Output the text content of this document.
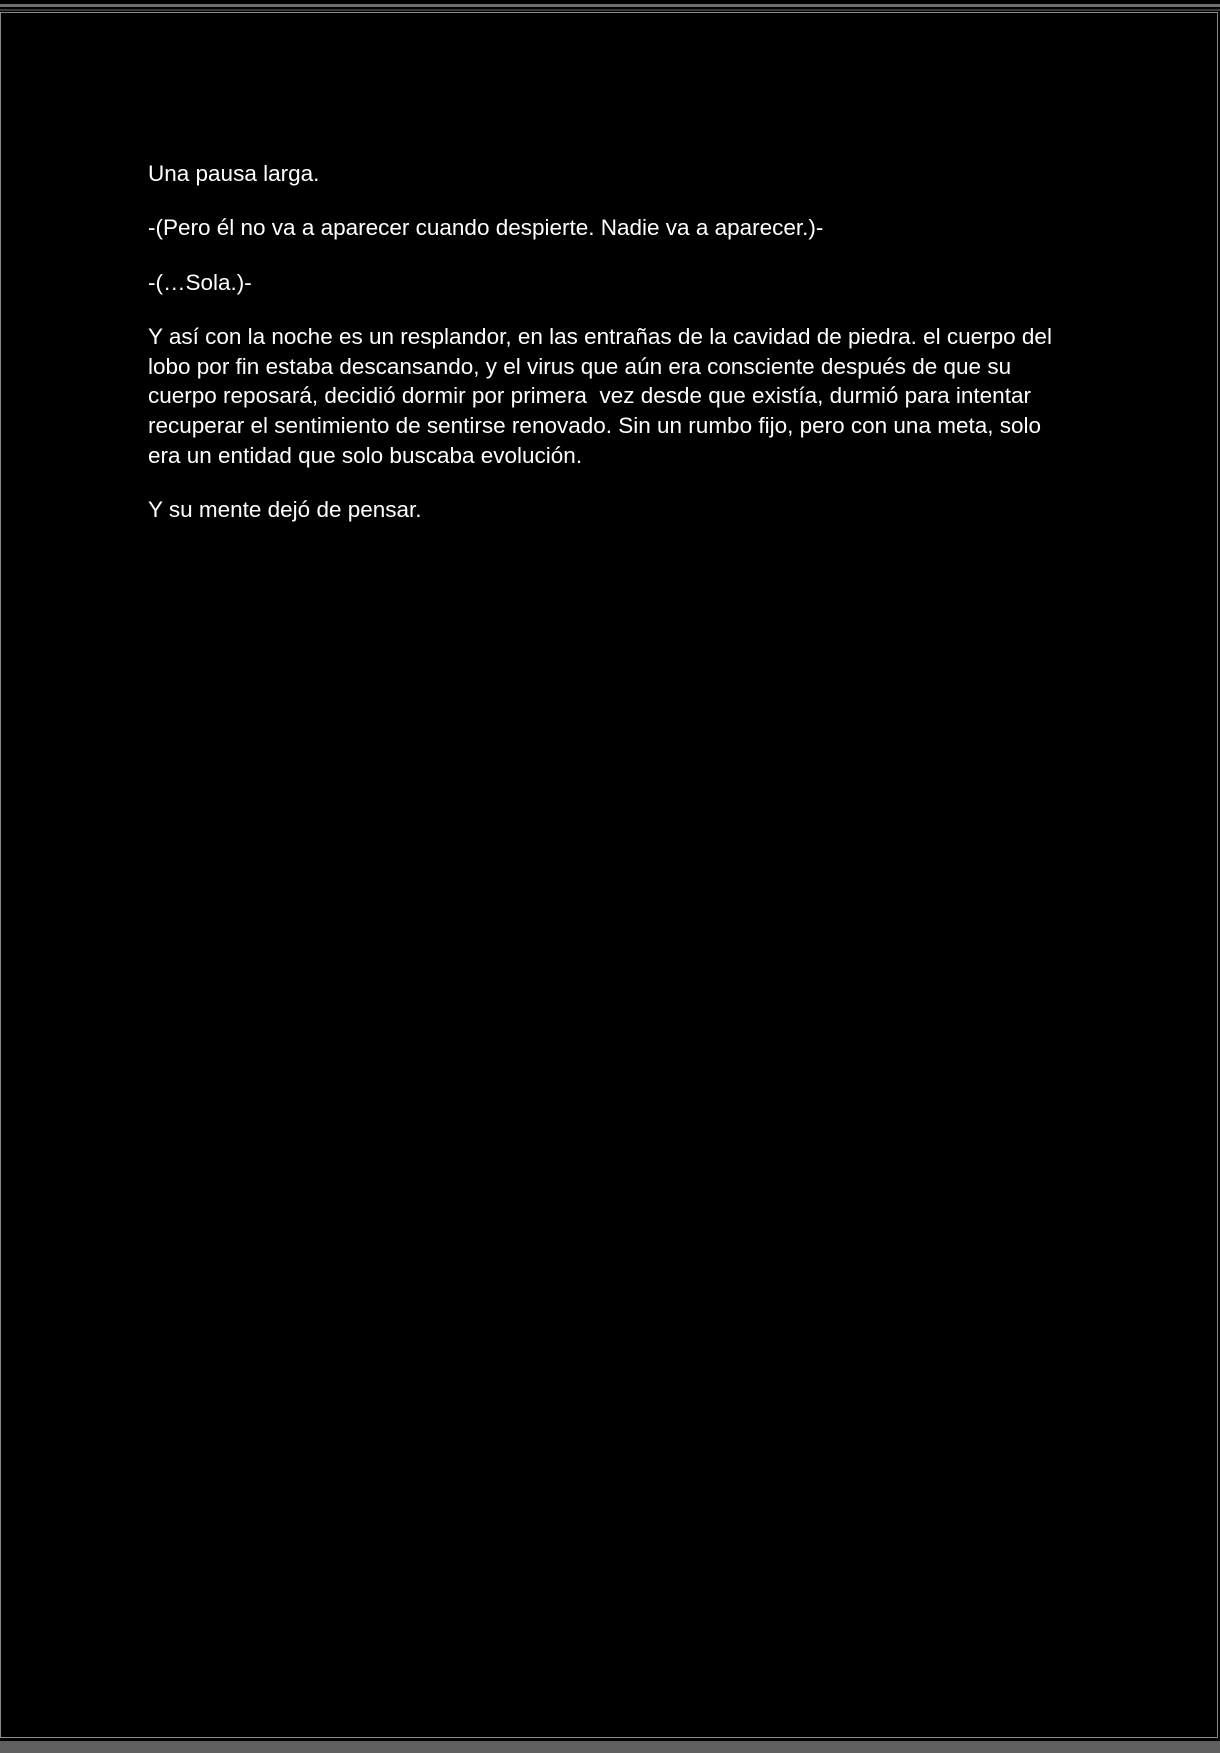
Una pausa larga.

-(Pero él no va a aparecer cuando despierte. Nadie va a aparecer.)-

-(…Sola.)-

Y así con la noche es un resplandor, en las entrañas de la cavidad de piedra. el cuerpo del lobo por fin estaba descansando, y el virus que aún era consciente después de que su cuerpo reposará, decidió dormir por primera  vez desde que existía, durmió para intentar recuperar el sentimiento de sentirse renovado. Sin un rumbo fijo, pero con una meta, solo era un entidad que solo buscaba evolución.

Y su mente dejó de pensar.
